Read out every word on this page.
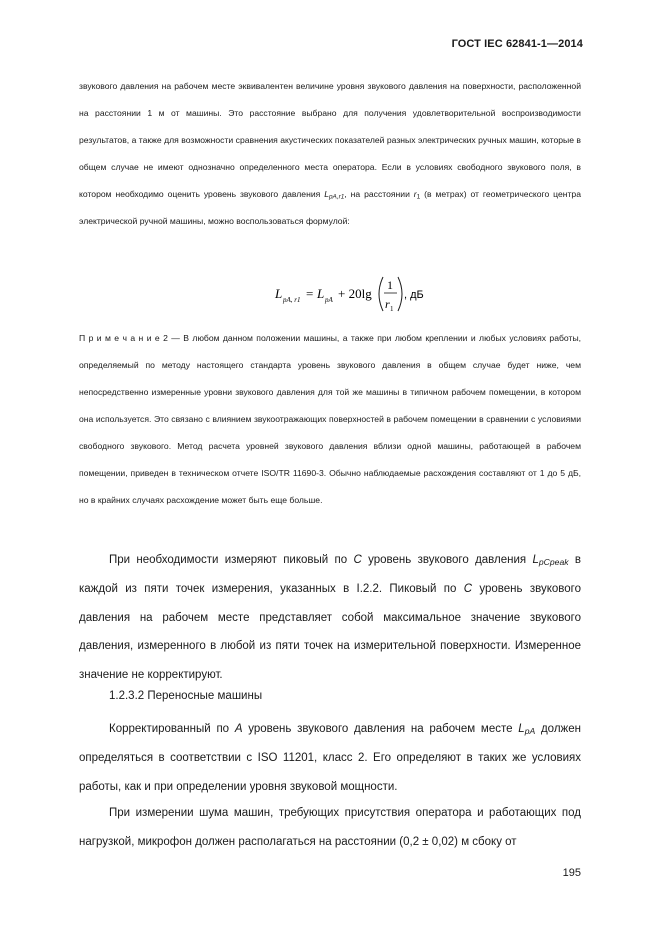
ГОСТ IEC 62841-1—2014

звукового давления на рабочем месте эквивалентен величине уровня звукового давления на поверхности, расположенной на расстоянии 1 м от машины. Это расстояние выбрано для получения удовлетворительной воспроизводимости результатов, а также для возможности сравнения акустических показателей разных электрических ручных машин, которые в общем случае не имеют однозначно определенного места оператора. Если в условиях свободного звукового поля, в котором необходимо оценить уровень звукового давления $L_{pA,r1}$, на расстоянии $r_1$ (в метрах) от геометрического центра электрической ручной машины, можно воспользоваться формулой:

L pA, r1 = L pA + 20lg
1
r 1
, дБ

П р и м е ч а н и е 2 — В любом данном положении машины, а также при любом креплении и любых условиях работы, определяемый по методу настоящего стандарта уровень звукового давления в общем случае будет ниже, чем непосредственно измеренные уровни звукового давления для той же машины в типичном рабочем помещении, в котором она используется. Это связано с влиянием звукоотражающих поверхностей в рабочем помещении в сравнении с условиями свободного звукового. Метод расчета уровней звукового давления вблизи одной машины, работающей в рабочем помещении, приведен в техническом отчете ISO/TR 11690-3. Обычно наблюдаемые расхождения составляют от 1 до 5 дБ, но в крайних случаях расхождение может быть еще больше.

При необходимости измеряют пиковый по C уровень звукового давления $L_{pCpeak}$ в каждой из пяти точек измерения, указанных в I.2.2. Пиковый по C уровень звукового давления на рабочем месте представляет собой максимальное значение звукового давления, измеренного в любой из пяти точек на измерительной поверхности. Измеренное значение не корректируют.

1.2.3.2 Переносные машины

Корректированный по A уровень звукового давления на рабочем месте $L_{pA}$ должен определяться в соответствии с ISO 11201, класс 2. Его определяют в таких же условиях работы, как и при определении уровня звуковой мощности.

При измерении шума машин, требующих присутствия оператора и работающих под нагрузкой, микрофон должен располагаться на расстоянии (0,2 ± 0,02) м сбоку от

195
